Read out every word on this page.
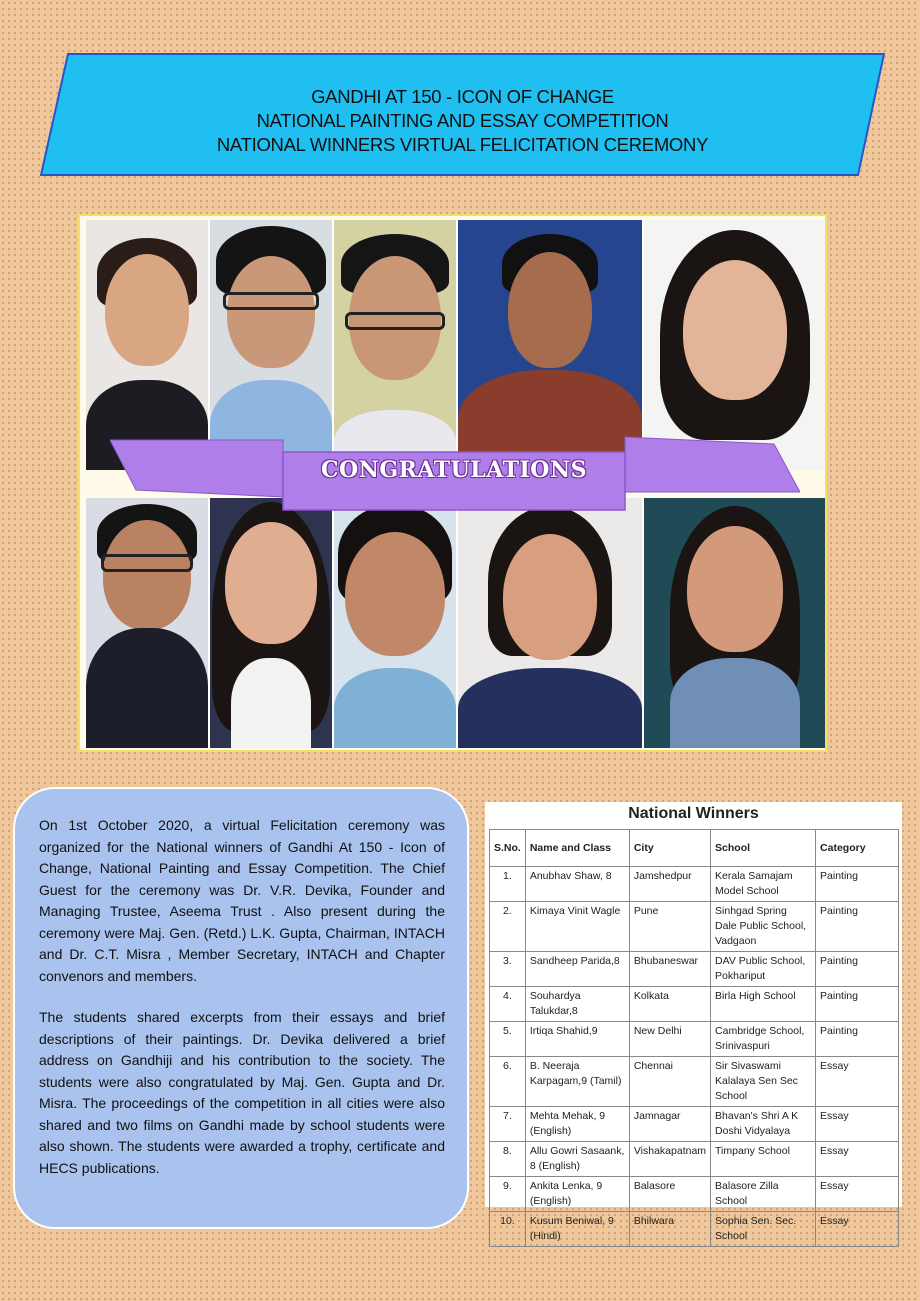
GANDHI AT 150 - ICON OF CHANGE
NATIONAL PAINTING AND ESSAY COMPETITION
NATIONAL WINNERS VIRTUAL FELICITATION CEREMONY
CONGRATULATIONS

On 1st October 2020, a virtual Felicitation ceremony was organized for the National winners of Gandhi At 150 - Icon of Change, National Painting and Essay Competition. The Chief Guest for the ceremony was Dr. V.R. Devika, Founder and Managing Trustee, Aseema Trust . Also present during the ceremony were Maj. Gen. (Retd.) L.K. Gupta, Chairman, INTACH and Dr. C.T. Misra , Member Secretary, INTACH and Chapter convenors and members.

The students shared excerpts from their essays and brief descriptions of their paintings. Dr. Devika delivered a brief address on Gandhiji and his contribution to the society. The students were also congratulated by Maj. Gen. Gupta and Dr. Misra. The proceedings of the competition in all cities were also shared and two films on Gandhi made by school students were also shown. The students were awarded a trophy, certificate and HECS publications.

National Winners
S.No.	Name and Class	City	School	Category
1.	Anubhav Shaw, 8	Jamshedpur	Kerala Samajam Model School	Painting
2.	Kimaya Vinit Wagle	Pune	Sinhgad Spring Dale Public School, Vadgaon	Painting
3.	Sandheep Parida,8	Bhubaneswar	DAV Public School, Pokhariput	Painting
4.	Souhardya Talukdar,8	Kolkata	Birla High School	Painting
5.	Irtiqa Shahid,9	New Delhi	Cambridge School, Srinivaspuri	Painting
6.	B. Neeraja Karpagam,9 (Tamil)	Chennai	Sir Sivaswami Kalalaya Sen Sec School	Essay
7.	Mehta Mehak, 9 (English)	Jamnagar	Bhavan's Shri A K Doshi Vidyalaya	Essay
8.	Allu Gowri Sasaank, 8 (English)	Vishakapatnam	Timpany School	Essay
9.	Ankita Lenka, 9 (English)	Balasore	Balasore Zilla School	Essay
10.	Kusum Beniwal, 9 (Hindi)	Bhilwara	Sophia Sen. Sec. School	Essay
